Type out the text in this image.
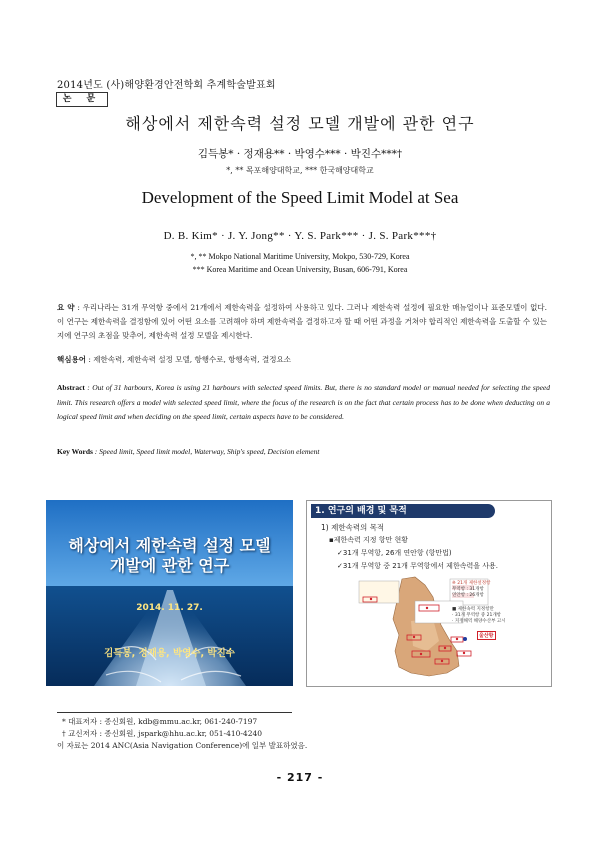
2014년도 (사)해양환경안전학회 추계학술발표회
논 문
해상에서 제한속력 설정 모델 개발에 관한 연구
김득봉* · 정재용** · 박영수*** · 박진수***†
*, ** 목포해양대학교, *** 한국해양대학교
Development of the Speed Limit Model at Sea
D. B. Kim* · J. Y. Jong** · Y. S. Park*** · J. S. Park***†
*, ** Mokpo National Maritime University, Mokpo, 530-729, Korea
*** Korea Maritime and Ocean University, Busan, 606-791, Korea
요 약 : 우리나라는 31개 무역항 중에서 21개에서 제한속력을 설정하여 사용하고 있다. 그러나 제한속력 설정에 필요한 매뉴얼이나 표준모델이 없다. 이 연구는 제한속력을 결정함에 있어 어떤 요소를 고려해야 하며 제한속력을 결정하고자 할 때 어떤 과정을 거쳐야 합리적인 제한속력을 도출할 수 있는지에 연구의 초점을 맞추어, 제한속력 설정 모델을 제시한다.
핵심용어 : 제한속력, 제한속력 설정 모델, 항행수로, 항행속력, 결정요소
Abstract : Out of 31 harbours, Korea is using 21 harbours with selected speed limits. But, there is no standard model or manual needed for selecting the speed limit. This research offers a model with selected speed limit, where the focus of the research is on the fact that certain process has to be done when deducting on a logical speed limit and when deciding on the speed limit, certain aspects have to be considered.
Key Words : Speed limit, Speed limit model, Waterway, Ship's speed, Decision element
해상에서 제한속력 설정 모델
개발에 관한 연구
2014. 11. 27.
김득봉, 정재용, 박영수, 박진수
1. 연구의 배경 및 목적
1) 제한속력의 목적
▪제한속력 지정 항만 현황
✓31개 무역항, 26개 연안항 (항만법)
✓31개 무역항 중 21개 무역항에서 제한속력을 사용.
※ 21개 제한설정항
무역항 : 31개항
연안항 : 26개항
■ 제한속력 지정항만
· 31개 무역항 중 21개항
· 지정해역 해양수산부 고시
울산항
* 대표저자 : 종신회원, kdb@mmu.ac.kr, 061-240-7197
† 교신저자 : 종신회원, jspark@hhu.ac.kr, 051-410-4240
이 자료는 2014 ANC(Asia Navigation Conference)에 일부 발표하였음.
- 217 -
